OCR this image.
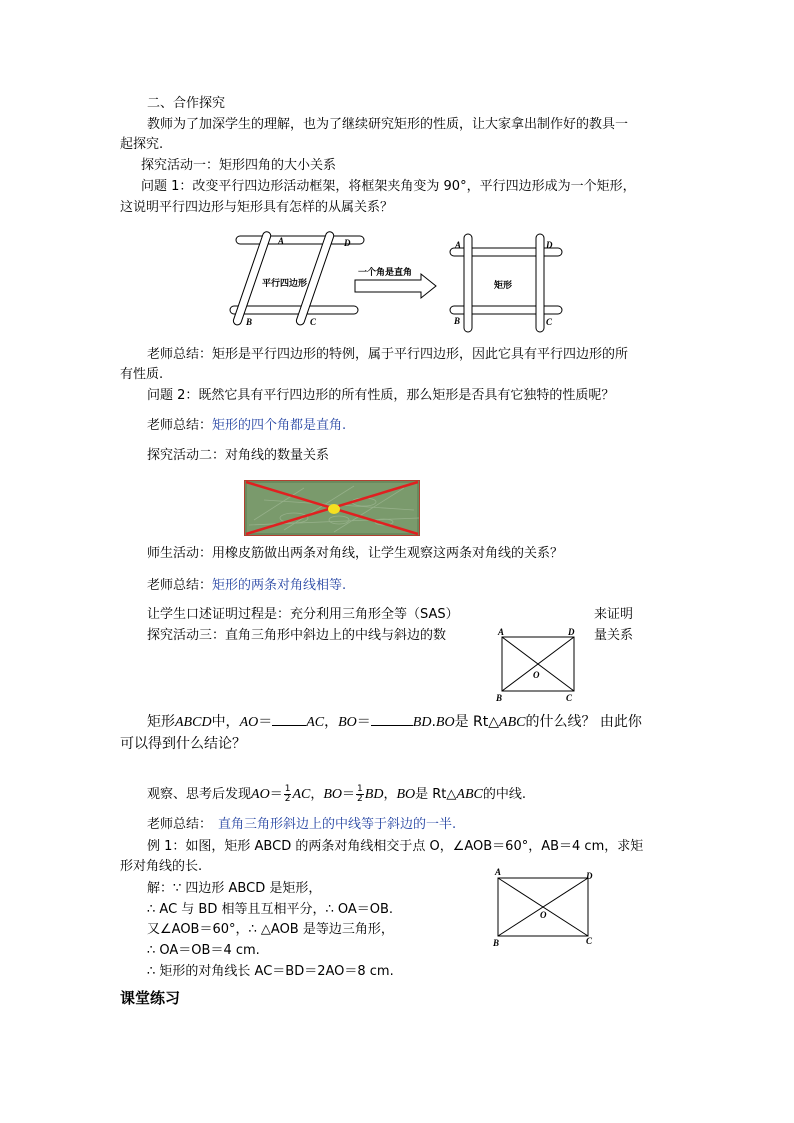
二、合作探究
教师为了加深学生的理解，也为了继续研究矩形的性质，让大家拿出制作好的教具一
起探究.
探究活动一：矩形四角的大小关系
问题 1：改变平行四边形活动框架，将框架夹角变为 90°，平行四边形成为一个矩形，
这说明平行四边形与矩形具有怎样的从属关系？
A	D
B	C
平行四边形
一个角是直角
A	D
B	C
矩形
老师总结：矩形是平行四边形的特例，属于平行四边形，因此它具有平行四边形的所
有性质.
问题 2：既然它具有平行四边形的所有性质，那么矩形是否具有它独特的性质呢？
老师总结：矩形的四个角都是直角.
探究活动二：对角线的数量关系
师生活动：用橡皮筋做出两条对角线，让学生观察这两条对角线的关系？
老师总结：矩形的两条对角线相等.
让学生口述证明过程是：充分利用三角形全等（SAS）	来证明
探究活动三：直角三角形中斜边上的中线与斜边的数	量关系
A	D
B	C
O
矩形ABCD中，AO＝ AC，BO＝	BD.BO是 Rt△ABC的什么线？ 由此你
可以得到什么结论？
观察、思考后发现$AO= \frac{1}{2}$ AC，$BO= \frac{1}{2}$ BD，BO是 Rt△ABC的中线.
老师总结： 直角三角形斜边上的中线等于斜边的一半.
例 1：如图，矩形 ABCD 的两条对角线相交于点 O，∠AOB＝60°，AB＝4 cm，求矩
形对角线的长.
解：∵ 四边形 ABCD 是矩形，
∴ AC 与 BD 相等且互相平分，∴ OA＝OB.
又∠AOB＝60°，∴ △AOB 是等边三角形，
∴ OA＝OB＝4 cm.
∴ 矩形的对角线长 AC＝BD＝2AO＝8 cm.
A	D
B	C
O
课堂练习
